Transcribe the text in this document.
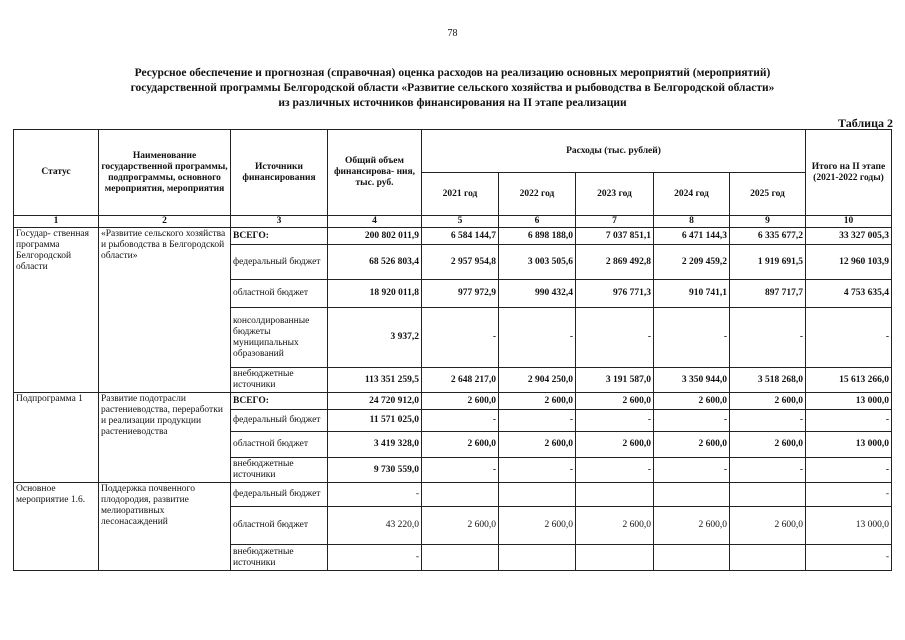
78
Ресурсное обеспечение и прогнозная (справочная) оценка расходов на реализацию основных мероприятий (мероприятий)
государственной программы Белгородской области «Развитие сельского хозяйства и рыбоводства в Белгородской области»
из различных источников финансирования на II этапе реализации
Таблица 2
Статус	Наименование государственной программы, подпрограммы, основного мероприятия, мероприятия	Источники финансирования	Общий объем финансирова- ния, тыс. руб.	Расходы (тыс. рублей)					Итого на II этапе (2021-2022 годы)
				2021 год	2022 год	2023 год	2024 год	2025 год	
1	2	3	4	5	6	7	8	9	10
Государ- ственная программа Белгородской области	«Развитие сельского хозяйства и рыбоводства в Белгородской области»	ВСЕГО:	200 802 011,9	6 584 144,7	6 898 188,0	7 037 851,1	6 471 144,3	6 335 677,2	33 327 005,3
		федеральный бюджет	68 526 803,4	2 957 954,8	3 003 505,6	2 869 492,8	2 209 459,2	1 919 691,5	12 960 103,9
		областной бюджет	18 920 011,8	977 972,9	990 432,4	976 771,3	910 741,1	897 717,7	4 753 635,4
		консолдированные бюджеты муниципальных образований	3 937,2	-	-	-	-	-	-
		внебюджетные источники	113 351 259,5	2 648 217,0	2 904 250,0	3 191 587,0	3 350 944,0	3 518 268,0	15 613 266,0
Подпрограмма 1	Развитие подотрасли растениеводства, переработки и реализации продукции растениеводства	ВСЕГО:	24 720 912,0	2 600,0	2 600,0	2 600,0	2 600,0	2 600,0	13 000,0
		федеральный бюджет	11 571 025,0	-	-	-	-	-	-
		областной бюджет	3 419 328,0	2 600,0	2 600,0	2 600,0	2 600,0	2 600,0	13 000,0
		внебюджетные источники	9 730 559,0	-	-	-	-	-	-
Основное мероприятие 1.6.	Поддержка почвенного плодородия, развитие мелиоративных лесонасаждений	федеральный бюджет	-						-
		областной бюджет	43 220,0	2 600,0	2 600,0	2 600,0	2 600,0	2 600,0	13 000,0
		внебюджетные источники	-						-
